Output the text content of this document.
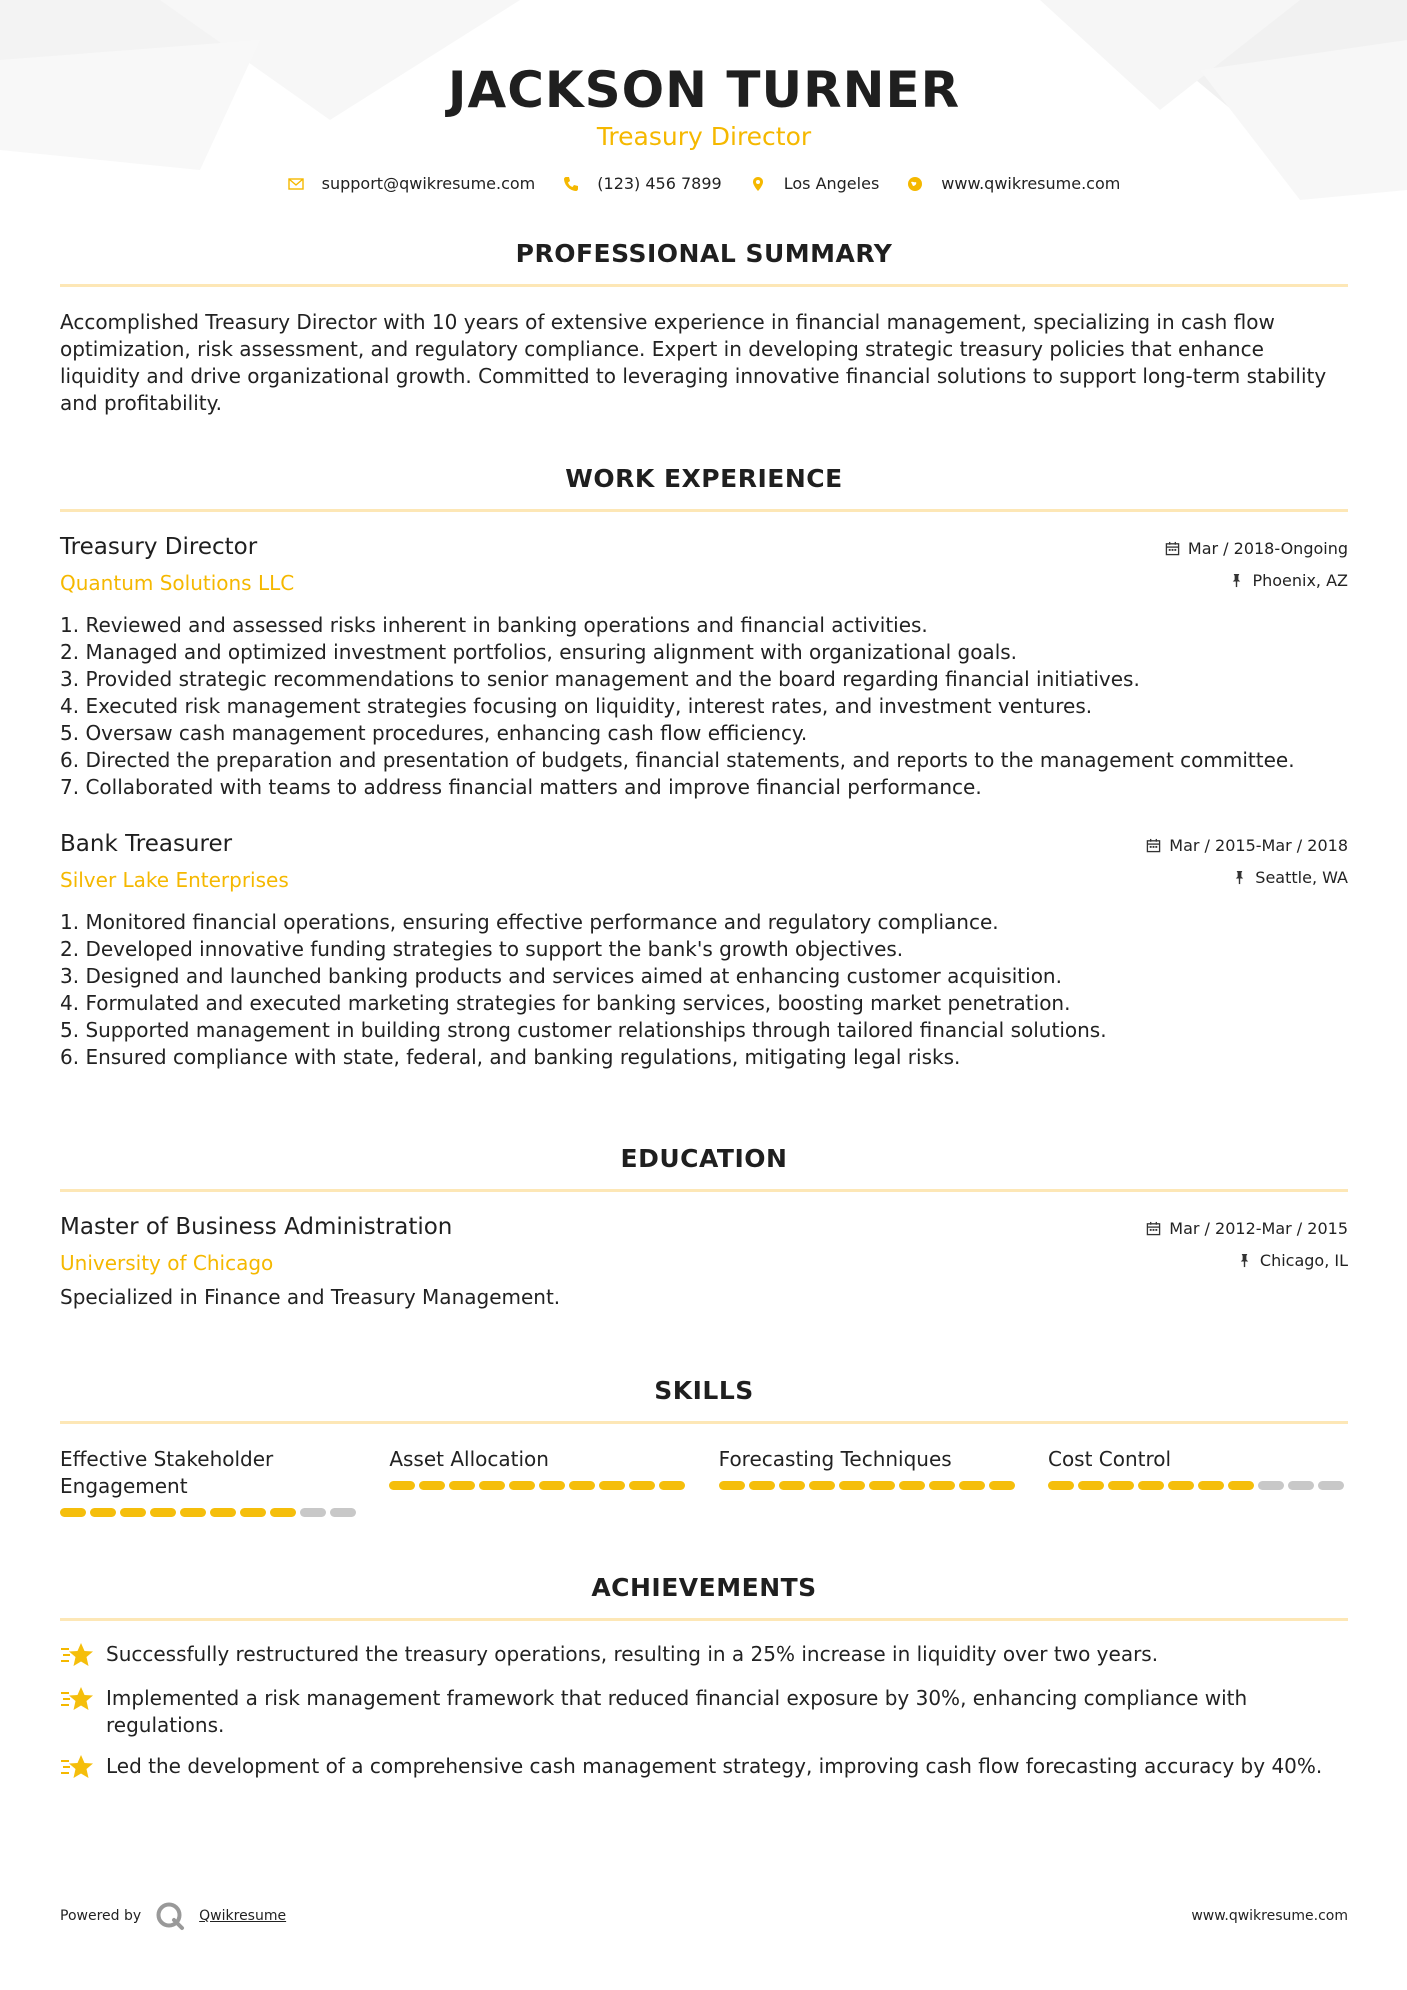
JACKSON TURNER
Treasury Director
support@qwikresume.com	(123) 456 7899	Los Angeles	www.qwikresume.com
PROFESSIONAL SUMMARY
Accomplished Treasury Director with 10 years of extensive experience in financial management, specializing in cash flow optimization, risk assessment, and regulatory compliance. Expert in developing strategic treasury policies that enhance liquidity and drive organizational growth. Committed to leveraging innovative financial solutions to support long-term stability and profitability.
WORK EXPERIENCE
Treasury Director
Quantum Solutions LLC
Mar / 2018-Ongoing
Phoenix, AZ
1. Reviewed and assessed risks inherent in banking operations and financial activities.
2. Managed and optimized investment portfolios, ensuring alignment with organizational goals.
3. Provided strategic recommendations to senior management and the board regarding financial initiatives.
4. Executed risk management strategies focusing on liquidity, interest rates, and investment ventures.
5. Oversaw cash management procedures, enhancing cash flow efficiency.
6. Directed the preparation and presentation of budgets, financial statements, and reports to the management committee.
7. Collaborated with teams to address financial matters and improve financial performance.
Bank Treasurer
Silver Lake Enterprises
Mar / 2015-Mar / 2018
Seattle, WA
1. Monitored financial operations, ensuring effective performance and regulatory compliance.
2. Developed innovative funding strategies to support the bank's growth objectives.
3. Designed and launched banking products and services aimed at enhancing customer acquisition.
4. Formulated and executed marketing strategies for banking services, boosting market penetration.
5. Supported management in building strong customer relationships through tailored financial solutions.
6. Ensured compliance with state, federal, and banking regulations, mitigating legal risks.
EDUCATION
Master of Business Administration
University of Chicago
Mar / 2012-Mar / 2015
Chicago, IL
Specialized in Finance and Treasury Management.
SKILLS
Effective Stakeholder Engagement
Asset Allocation	Forecasting Techniques	Cost Control
ACHIEVEMENTS
Successfully restructured the treasury operations, resulting in a 25% increase in liquidity over two years.
Implemented a risk management framework that reduced financial exposure by 30%, enhancing compliance with regulations.
Led the development of a comprehensive cash management strategy, improving cash flow forecasting accuracy by 40%.
Powered by	Qwikresume	www.qwikresume.com
